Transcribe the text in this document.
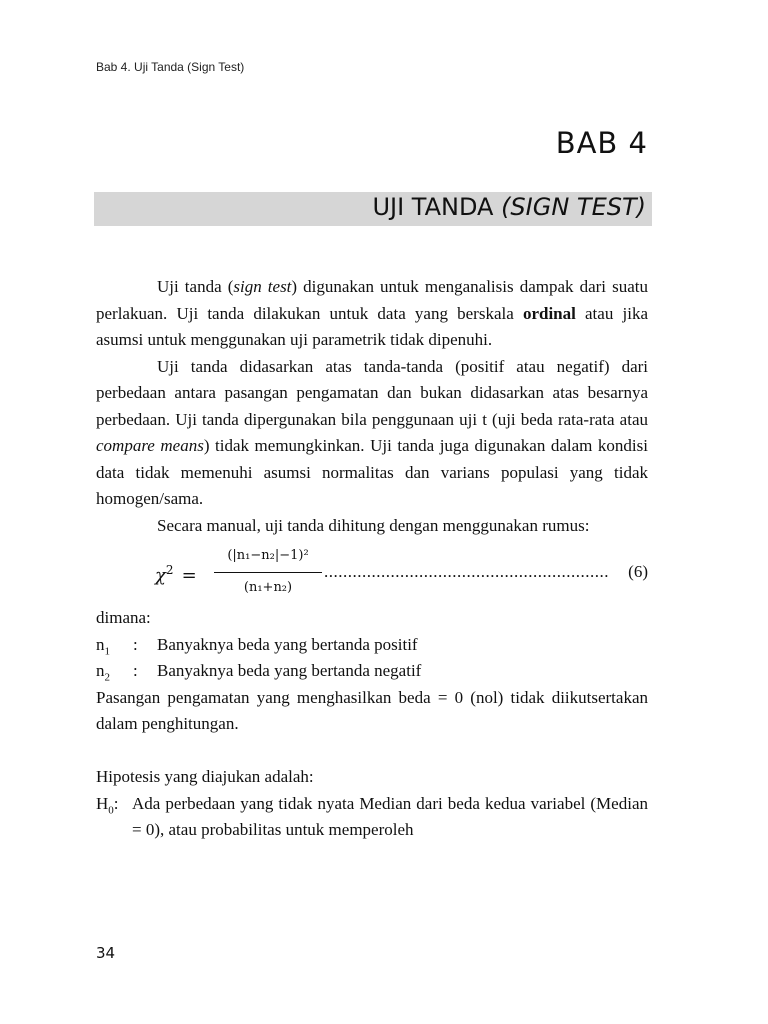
Bab 4. Uji Tanda (Sign Test)
BAB 4
UJI TANDA (SIGN TEST)

Uji tanda (sign test) digunakan untuk menganalisis dampak dari suatu perlakuan. Uji tanda dilakukan untuk data yang berskala ordinal atau jika asumsi untuk menggunakan uji parametrik tidak dipenuhi.

Uji tanda didasarkan atas tanda-tanda (positif atau negatif) dari perbedaan antara pasangan pengamatan dan bukan didasarkan atas besarnya perbedaan. Uji tanda dipergunakan bila penggunaan uji t (uji beda rata-rata atau compare means) tidak memungkinkan. Uji tanda juga digunakan dalam kondisi data tidak memenuhi asumsi normalitas dan varians populasi yang tidak homogen/sama.

Secara manual, uji tanda dihitung dengan menggunakan rumus:

$\chi^2 = \frac{\text{(|n₁−n₂|−1)²}}{\text{(n₁+n₂)}}$ ............................................................	(6)

dimana:

$n_1$ : Banyaknya beda yang bertanda positif
$n_2$ : Banyaknya beda yang bertanda negatif

Pasangan pengamatan yang menghasilkan beda = 0 (nol) tidak diikutsertakan dalam penghitungan.

Hipotesis yang diajukan adalah:

$H_0$: Ada perbedaan yang tidak nyata Median dari beda kedua variabel (Median = 0), atau probabilitas untuk memperoleh
34
